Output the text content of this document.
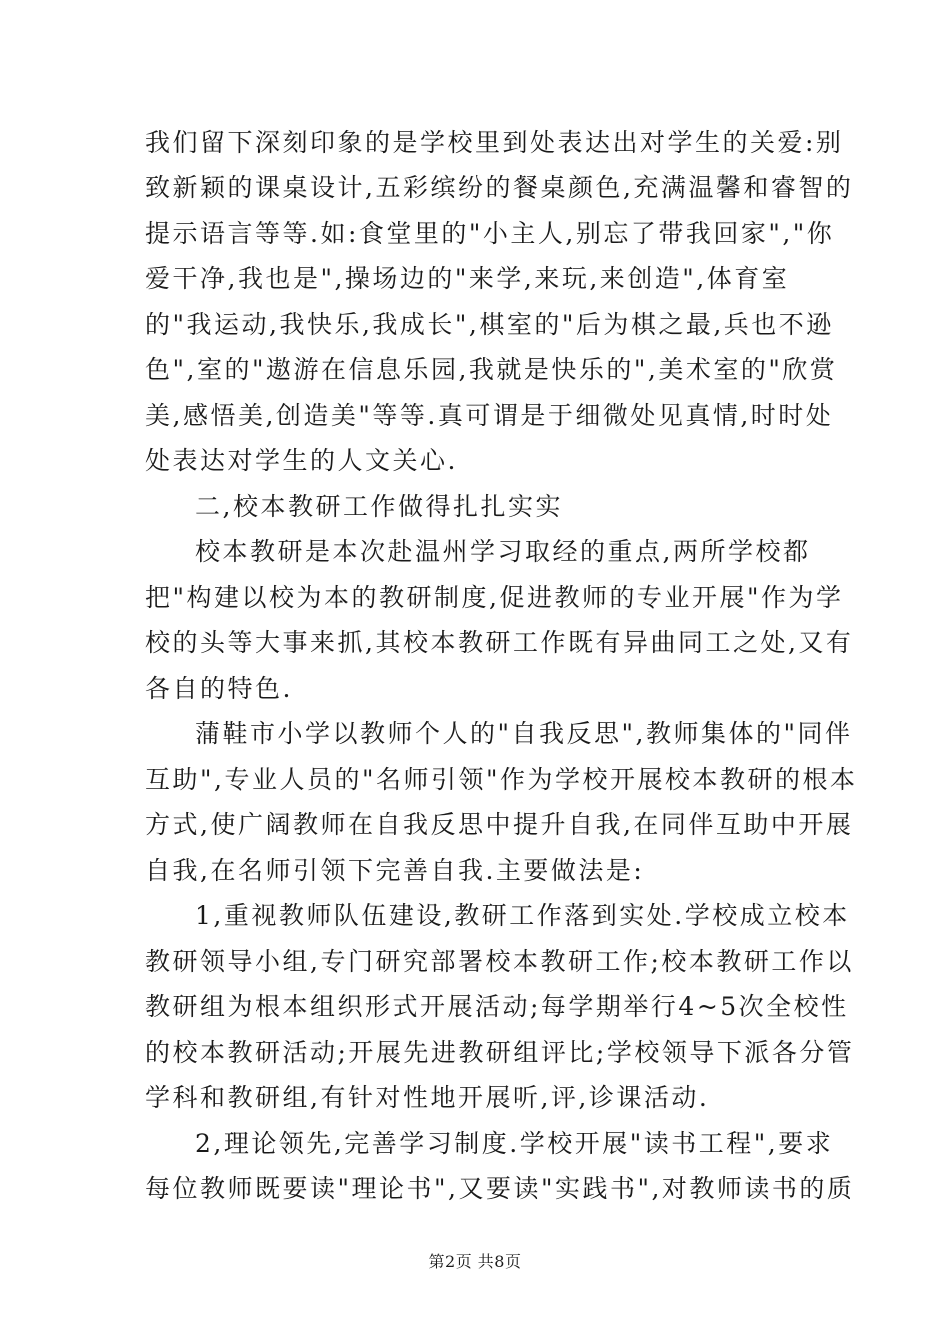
我们留下深刻印象的是学校里到处表达出对学生的关爱:别
致新颖的课桌设计,五彩缤纷的餐桌颜色,充满温馨和睿智的
提示语言等等.如:食堂里的"小主人,别忘了带我回家","你
爱干净,我也是",操场边的"来学,来玩,来创造",体育室
的"我运动,我快乐,我成长",棋室的"后为棋之最,兵也不逊
色",室的"遨游在信息乐园,我就是快乐的",美术室的"欣赏
美,感悟美,创造美"等等.真可谓是于细微处见真情,时时处
处表达对学生的人文关心.
二,校本教研工作做得扎扎实实
校本教研是本次赴温州学习取经的重点,两所学校都
把"构建以校为本的教研制度,促进教师的专业开展"作为学
校的头等大事来抓,其校本教研工作既有异曲同工之处,又有
各自的特色.
蒲鞋市小学以教师个人的"自我反思",教师集体的"同伴
互助",专业人员的"名师引领"作为学校开展校本教研的根本
方式,使广阔教师在自我反思中提升自我,在同伴互助中开展
自我,在名师引领下完善自我.主要做法是:
1,重视教师队伍建设,教研工作落到实处.学校成立校本
教研领导小组,专门研究部署校本教研工作;校本教研工作以
教研组为根本组织形式开展活动;每学期举行4~5次全校性
的校本教研活动;开展先进教研组评比;学校领导下派各分管
学科和教研组,有针对性地开展听,评,诊课活动.
2,理论领先,完善学习制度.学校开展"读书工程",要求
每位教师既要读"理论书",又要读"实践书",对教师读书的质
第2页 共8页
